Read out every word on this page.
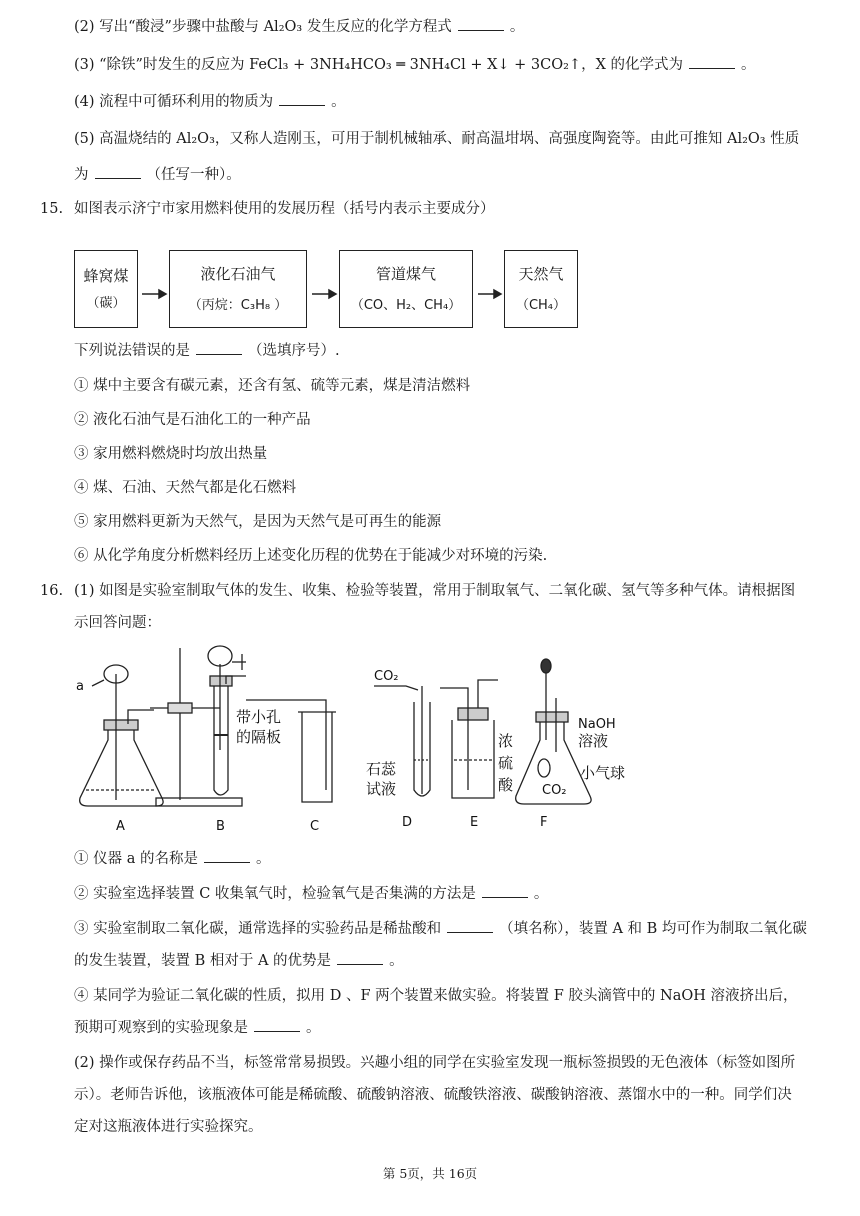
(2) 写出“酸浸”步骤中盐酸与 Al₂O₃ 发生反应的化学方程式	。
(3) “除铁”时发生的反应为 FeCl₃ + 3NH₄HCO₃ ═ 3NH₄Cl + X↓ + 3CO₂↑，X 的化学式为	。
(4) 流程中可循环利用的物质为	。
(5) 高温烧结的 Al₂O₃，又称人造刚玉，可用于制机械轴承、耐高温坩埚、高强度陶瓷等。由此可推知 Al₂O₃ 性质
为	（任写一种）。
15. 如图表示济宁市家用燃料使用的发展历程（括号内表示主要成分）
蜂窝煤
（碳）
液化石油气
（丙烷：C₃H₈ ）
管道煤气
（CO、H₂、CH₄）
天然气
（CH₄）
下列说法错误的是	（选填序号）.
① 煤中主要含有碳元素，还含有氢、硫等元素，煤是清洁燃料
② 液化石油气是石油化工的一种产品
③ 家用燃料燃烧时均放出热量
④ 煤、石油、天然气都是化石燃料
⑤ 家用燃料更新为天然气，是因为天然气是可再生的能源
⑥ 从化学角度分析燃料经历上述变化历程的优势在于能减少对环境的污染.
16. (1) 如图是实验室制取气体的发生、收集、检验等装置，常用于制取氧气、二氧化碳、氢气等多种气体。请根据图
示回答问题：
a
带小孔
的隔板
CO₂
石蕊
试液
浓
硫
酸
NaOH
溶液
小气球
CO₂
A	B	C	D	E	F
① 仪器 a 的名称是	。
② 实验室选择装置 C 收集氧气时，检验氧气是否集满的方法是	。
③ 实验室制取二氧化碳，通常选择的实验药品是稀盐酸和	（填名称），装置 A 和 B 均可作为制取二氧化碳
的发生装置，装置 B 相对于 A 的优势是	。
④ 某同学为验证二氧化碳的性质，拟用 D 、F 两个装置来做实验。将装置 F 胶头滴管中的 NaOH 溶液挤出后，
预期可观察到的实验现象是	。
(2) 操作或保存药品不当，标签常常易损毁。兴趣小组的同学在实验室发现一瓶标签损毁的无色液体（标签如图所
示）。老师告诉他，该瓶液体可能是稀硫酸、硫酸钠溶液、硫酸铁溶液、碳酸钠溶液、蒸馏水中的一种。同学们决
定对这瓶液体进行实验探究。
第 5页，共 16页
